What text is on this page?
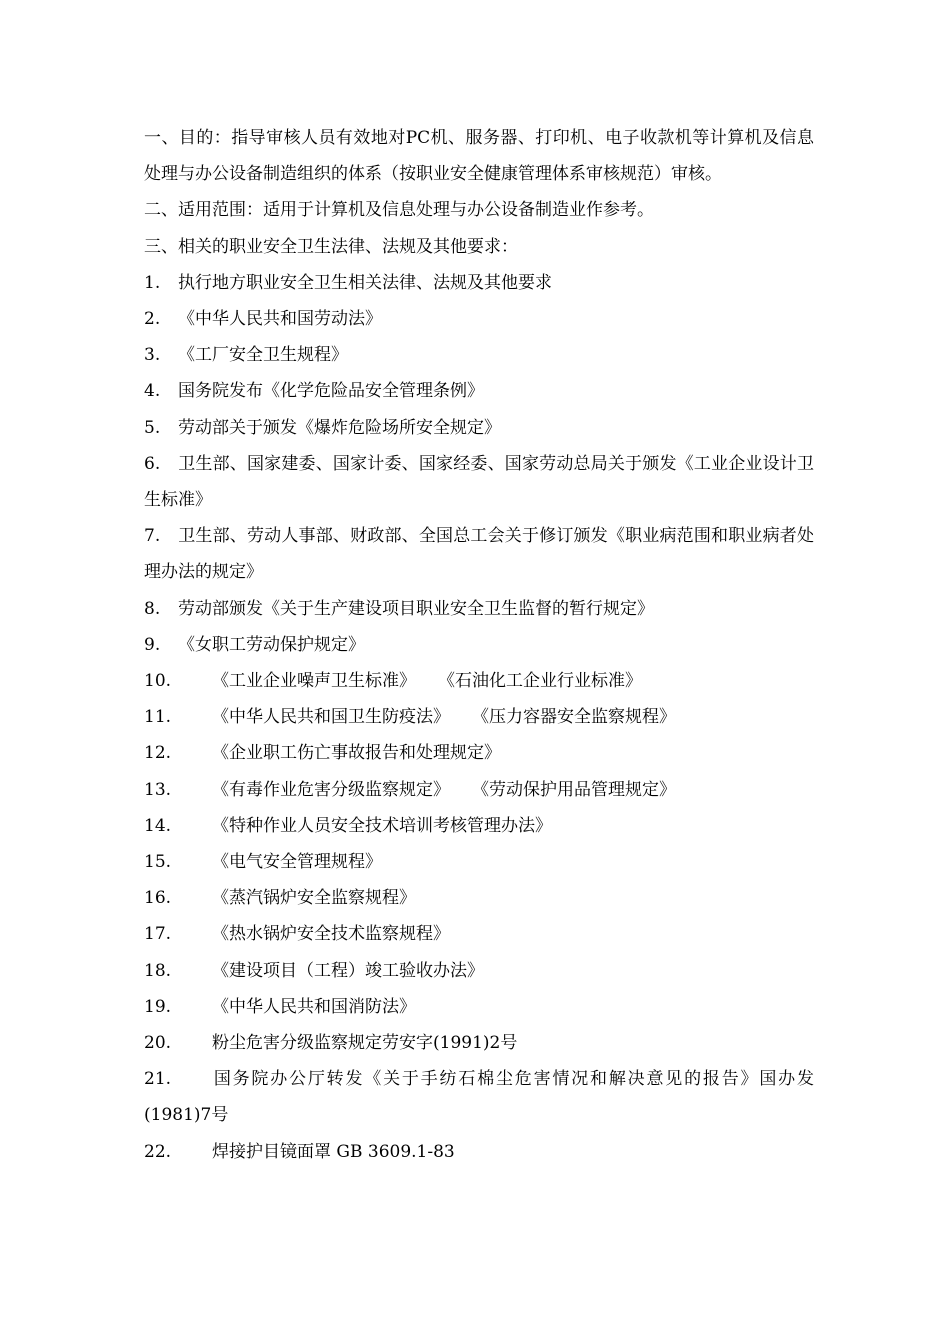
一、目的：指导审核人员有效地对PC机、服务器、打印机、电子收款机等计算机及信息处理与办公设备制造组织的体系（按职业安全健康管理体系审核规范）审核。

二、适用范围：适用于计算机及信息处理与办公设备制造业作参考。

三、相关的职业安全卫生法律、法规及其他要求：

1. 执行地方职业安全卫生相关法律、法规及其他要求

2. 《中华人民共和国劳动法》

3. 《工厂安全卫生规程》

4. 国务院发布《化学危险品安全管理条例》

5. 劳动部关于颁发《爆炸危险场所安全规定》

6. 卫生部、国家建委、国家计委、国家经委、国家劳动总局关于颁发《工业企业设计卫生标准》

7. 卫生部、劳动人事部、财政部、全国总工会关于修订颁发《职业病范围和职业病者处理办法的规定》

8. 劳动部颁发《关于生产建设项目职业安全卫生监督的暂行规定》

9. 《女职工劳动保护规定》

10. 《工业企业噪声卫生标准》 《石油化工企业行业标准》

11. 《中华人民共和国卫生防疫法》 《压力容器安全监察规程》

12. 《企业职工伤亡事故报告和处理规定》

13. 《有毒作业危害分级监察规定》 《劳动保护用品管理规定》

14. 《特种作业人员安全技术培训考核管理办法》

15. 《电气安全管理规程》

16. 《蒸汽锅炉安全监察规程》

17. 《热水锅炉安全技术监察规程》

18. 《建设项目（工程）竣工验收办法》

19. 《中华人民共和国消防法》

20. 粉尘危害分级监察规定劳安字(1991)2号

21. 国务院办公厅转发《关于手纺石棉尘危害情况和解决意见的报告》国办发(1981)7号

22. 焊接护目镜面罩 GB 3609.1-83
